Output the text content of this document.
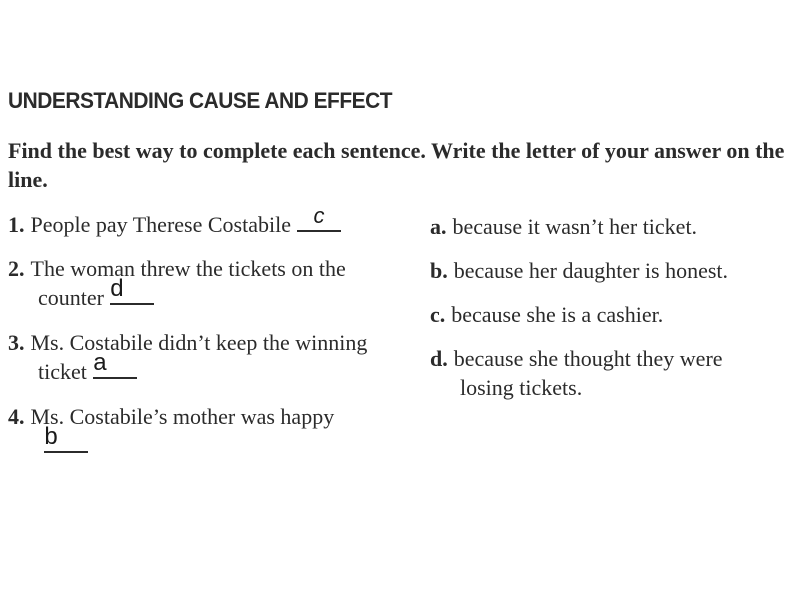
UNDERSTANDING CAUSE AND EFFECT
Find the best way to complete each sentence. Write the letter of your answer on the line.
1. People pay Therese Costabile	c
2. The woman threw the tickets on the counter d
3. Ms. Costabile didn’t keep the winning ticket a
4. Ms. Costabile’s mother was happy
b
a. because it wasn’t her ticket.
b. because her daughter is honest.
c. because she is a cashier.
d. because she thought they were losing tickets.
